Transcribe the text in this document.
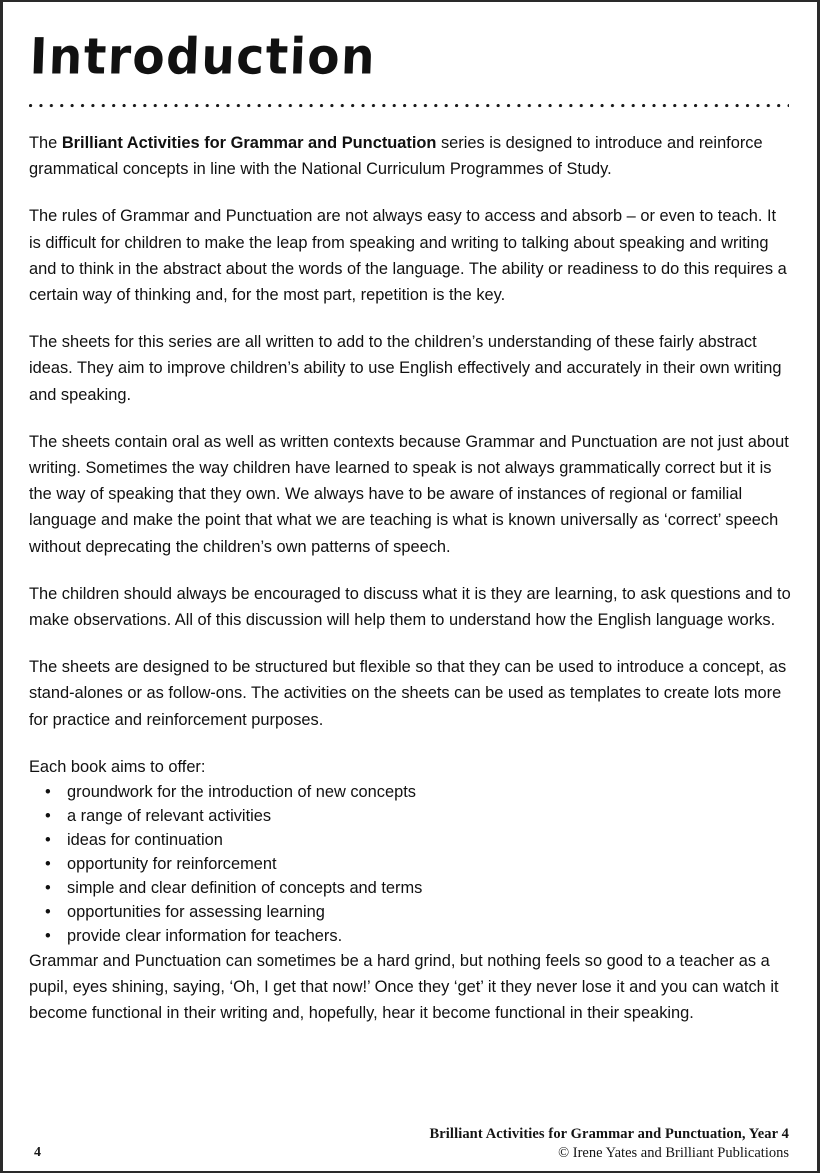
Introduction

The Brilliant Activities for Grammar and Punctuation series is designed to introduce and reinforce grammatical concepts in line with the National Curriculum Programmes of Study.

The rules of Grammar and Punctuation are not always easy to access and absorb – or even to teach. It is difficult for children to make the leap from speaking and writing to talking about speaking and writing and to think in the abstract about the words of the language. The ability or readiness to do this requires a certain way of thinking and, for the most part, repetition is the key.

The sheets for this series are all written to add to the children’s understanding of these fairly abstract ideas. They aim to improve children’s ability to use English effectively and accurately in their own writing and speaking.

The sheets contain oral as well as written contexts because Grammar and Punctuation are not just about writing. Sometimes the way children have learned to speak is not always grammatically correct but it is the way of speaking that they own. We always have to be aware of instances of regional or familial language and make the point that what we are teaching is what is known universally as ‘correct’ speech without deprecating the children’s own patterns of speech.

The children should always be encouraged to discuss what it is they are learning, to ask questions and to make observations. All of this discussion will help them to understand how the English language works.

The sheets are designed to be structured but flexible so that they can be used to introduce a concept, as stand-alones or as follow-ons. The activities on the sheets can be used as templates to create lots more for practice and reinforcement purposes.

Each book aims to offer:

• groundwork for the introduction of new concepts
• a range of relevant activities
• ideas for continuation
• opportunity for reinforcement
• simple and clear definition of concepts and terms
• opportunities for assessing learning
• provide clear information for teachers.

Grammar and Punctuation can sometimes be a hard grind, but nothing feels so good to a teacher as a pupil, eyes shining, saying, ‘Oh, I get that now!’ Once they ‘get’ it they never lose it and you can watch it become functional in their writing and, hopefully, hear it become functional in their speaking.

4
Brilliant Activities for Grammar and Punctuation, Year 4
© Irene Yates and Brilliant Publications
